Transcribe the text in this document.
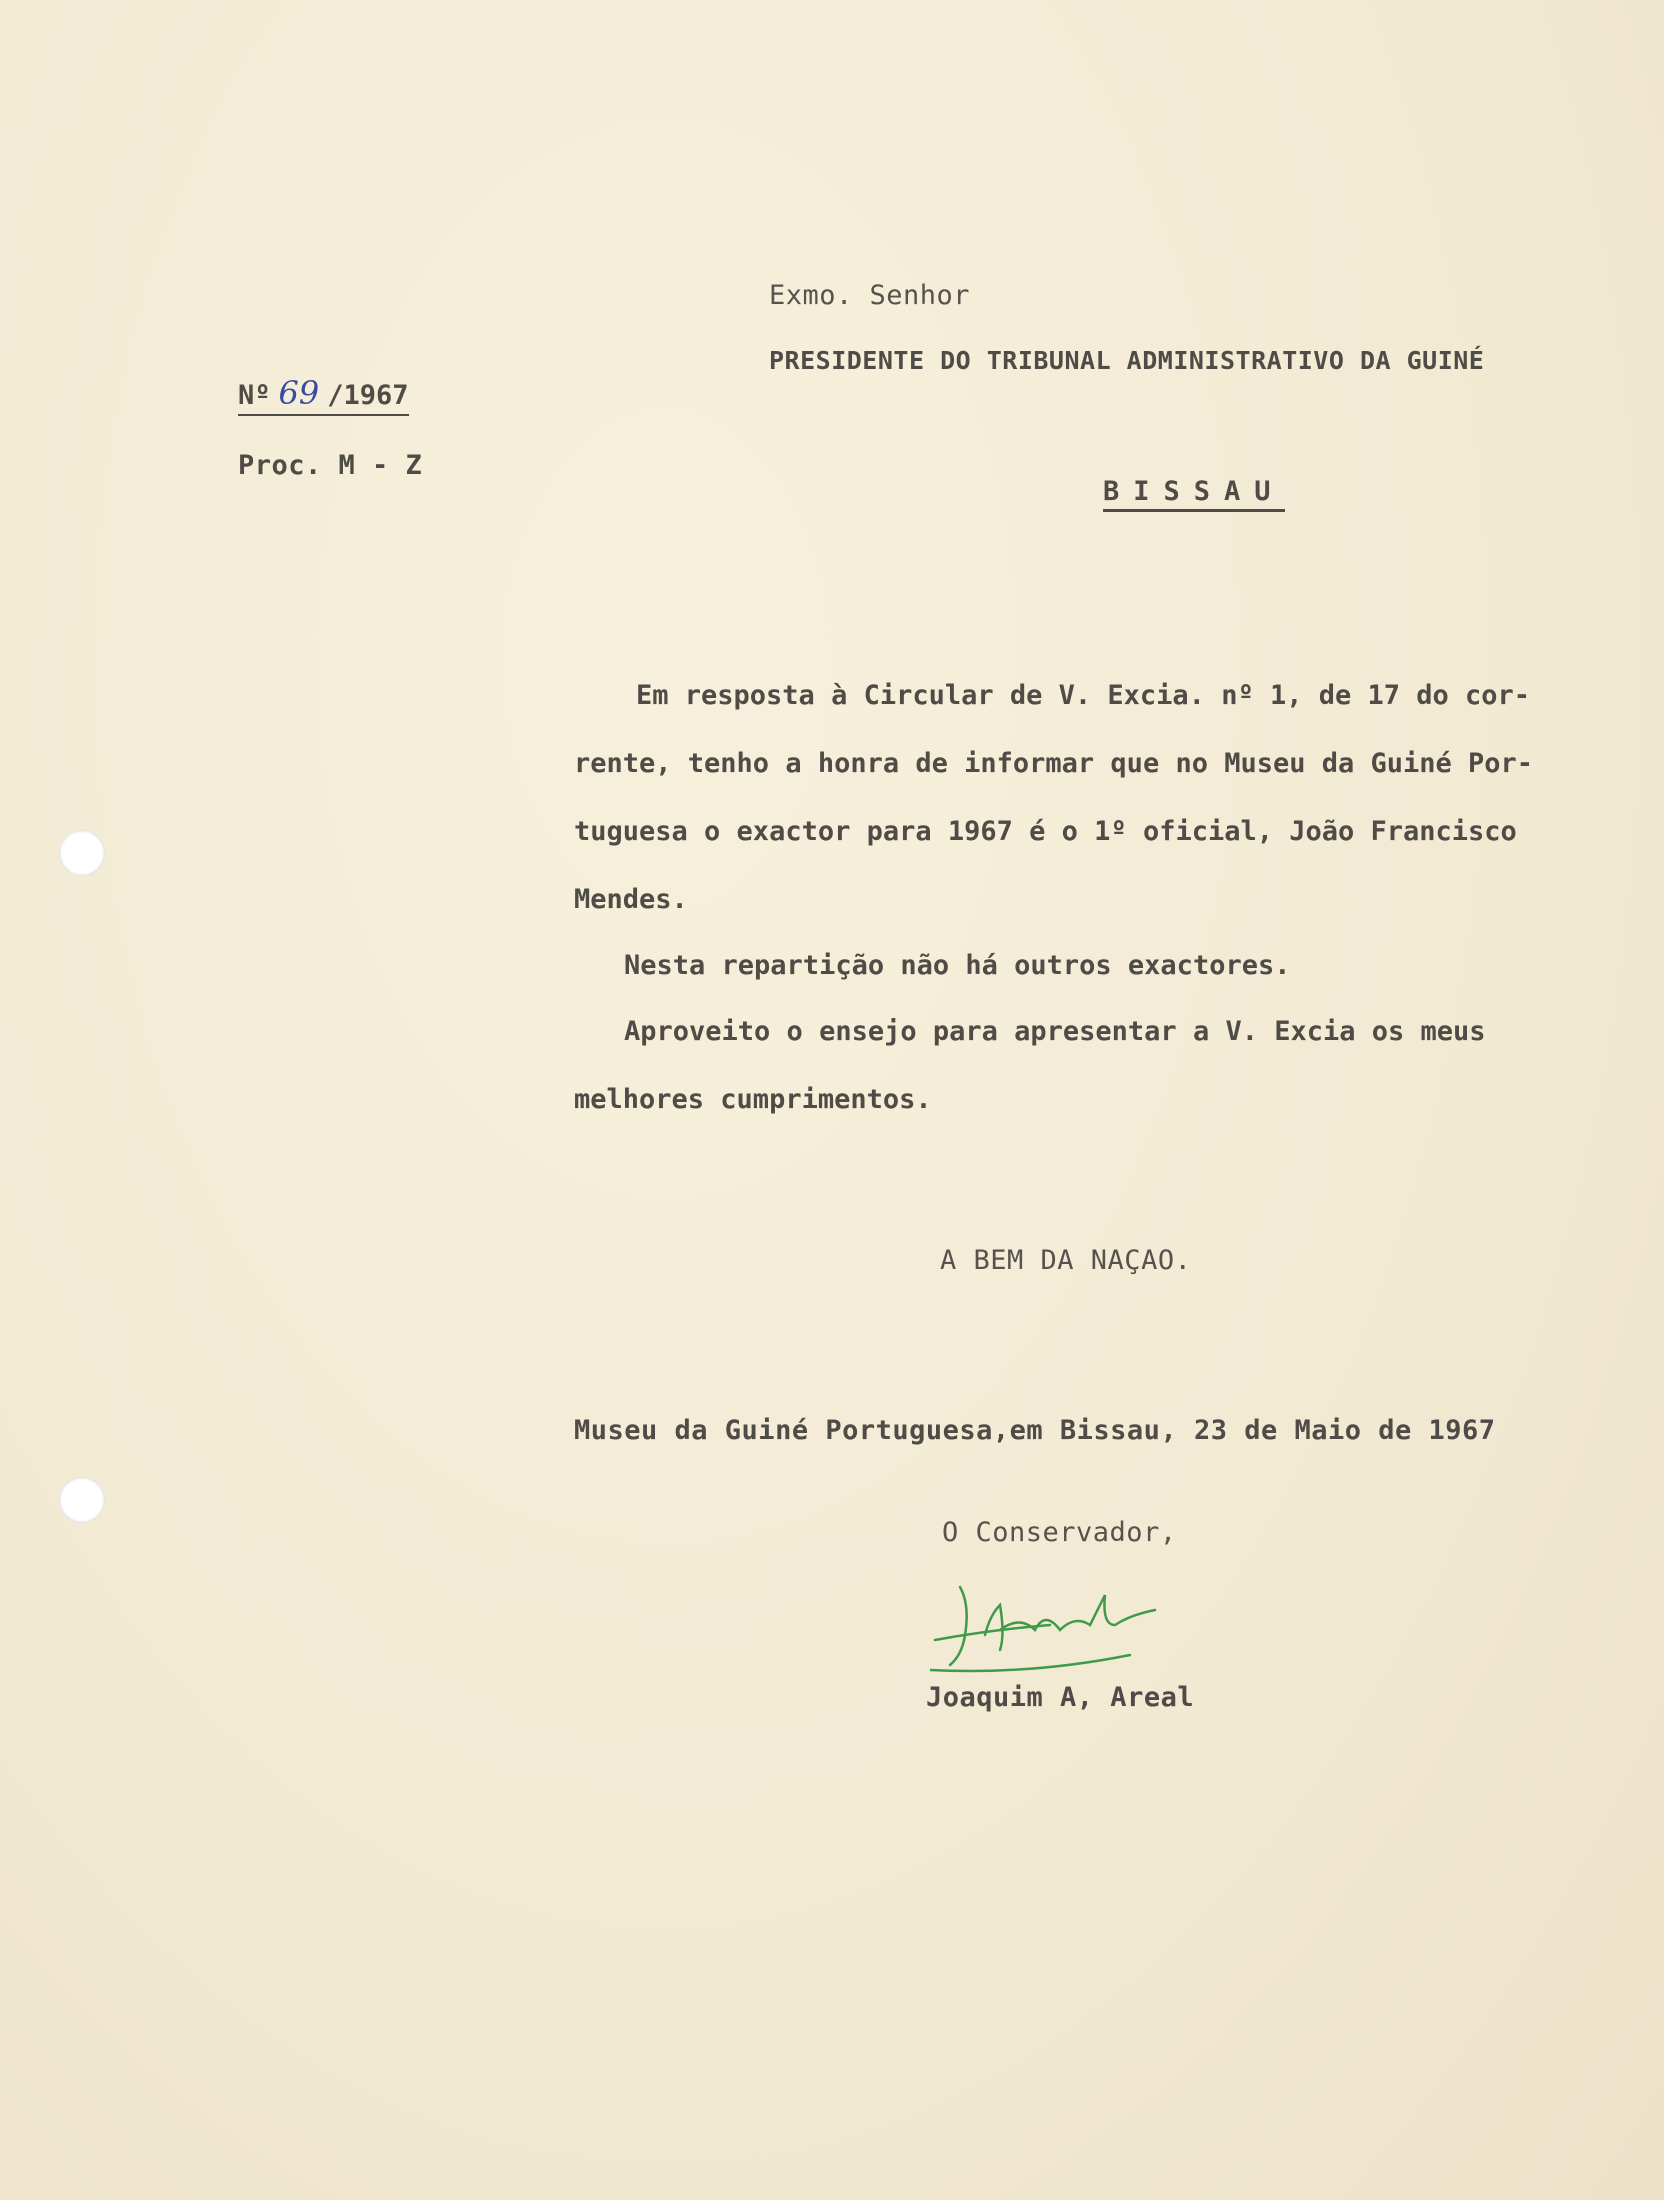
Exmo. Senhor
PRESIDENTE DO TRIBUNAL ADMINISTRATIVO DA GUINÉ
Nº 69 /1967
Proc. M - Z
BISSAU
Em resposta à Circular de V. Excia. nº 1, de 17 do cor-
rente, tenho a honra de informar que no Museu da Guiné Por-
tuguesa o exactor para 1967 é o 1º oficial, João Francisco
Mendes.
Nesta repartição não há outros exactores.
Aproveito o ensejo para apresentar a V. Excia os meus
melhores cumprimentos.
A BEM DA NAÇAO.
Museu da Guiné Portuguesa,em Bissau, 23 de Maio de 1967
O Conservador,
Joaquim A, Areal
